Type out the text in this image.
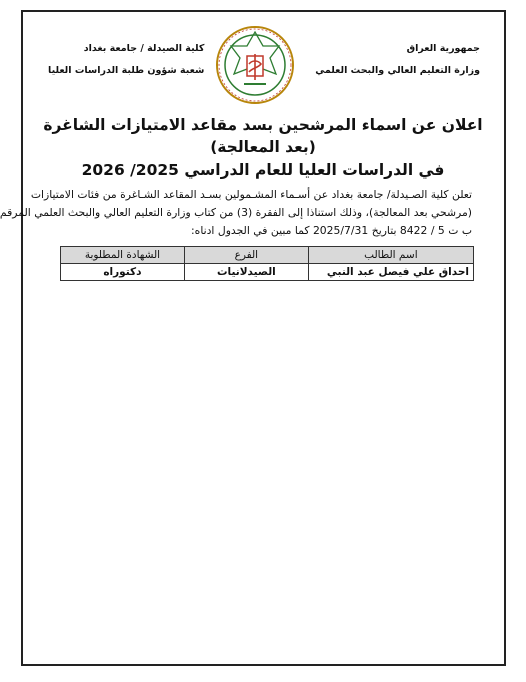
جمهورية العراق
وزارة التعليم العالي والبحث العلمي
كلية الصيدلة / جامعة بغداد
شعبة شؤون طلبة الدراسات العليا
اعلان عن اسماء المرشحين بسد مقاعد الامتيازات الشاغرة
(بعد المعالجة)
في الدراسات العليا للعام الدراسي 2025/ 2026
تعلن كلية الصـيدلة/ جامعة بغداد عن أسـماء المشـمولين بسـد المقاعد الشـاغرة من فئات الامتيازات
(مرشحي بعد المعالجة)، وذلك استناذا إلى الفقرة (3) من كتاب وزارة التعليم العالي والبحث العلمي المرقم
ب ت 5 / 8422 بتاريخ 2025/7/31 كما مبين في الجدول ادناه:
اسم الطالب	الفرع	الشهادة المطلوبة
احداق علي فيصل عبد النبي	الصيدلانيات	دكتوراه
